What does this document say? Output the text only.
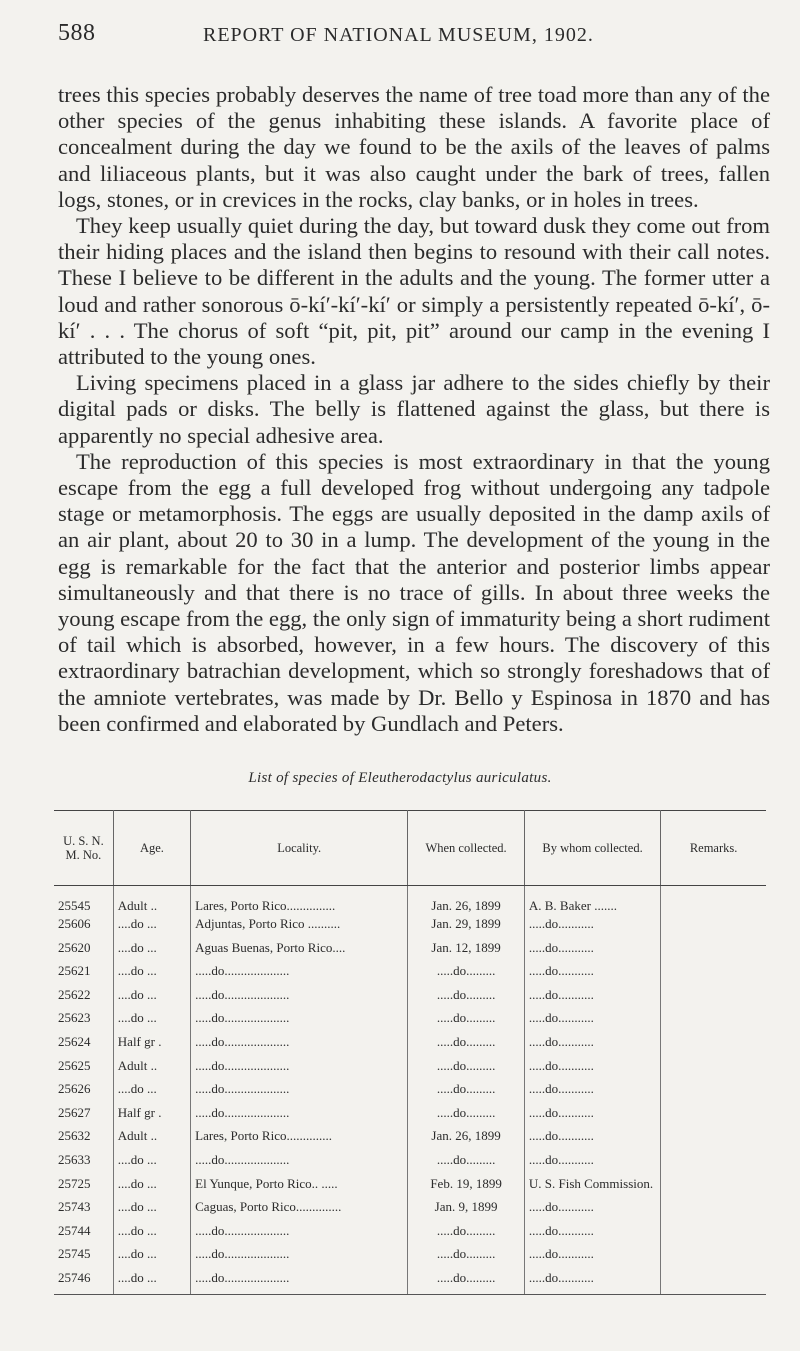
588	REPORT OF NATIONAL MUSEUM, 1902.

trees this species probably deserves the name of tree toad more than any of the other species of the genus inhabiting these islands. A favorite place of concealment during the day we found to be the axils of the leaves of palms and liliaceous plants, but it was also caught under the bark of trees, fallen logs, stones, or in crevices in the rocks, clay banks, or in holes in trees.

They keep usually quiet during the day, but toward dusk they come out from their hiding places and the island then begins to resound with their call notes. These I believe to be different in the adults and the young. The former utter a loud and rather sonorous ō-kí′-kí′-kí′ or simply a persistently repeated ō-kí′, ō-kí′ . . . The chorus of soft “pit, pit, pit” around our camp in the evening I attributed to the young ones.

Living specimens placed in a glass jar adhere to the sides chiefly by their digital pads or disks. The belly is flattened against the glass, but there is apparently no special adhesive area.

The reproduction of this species is most extraordinary in that the young escape from the egg a full developed frog without undergoing any tadpole stage or metamorphosis. The eggs are usually deposited in the damp axils of an air plant, about 20 to 30 in a lump. The development of the young in the egg is remarkable for the fact that the anterior and posterior limbs appear simultaneously and that there is no trace of gills. In about three weeks the young escape from the egg, the only sign of immaturity being a short rudiment of tail which is absorbed, however, in a few hours. The discovery of this extraordinary batrachian development, which so strongly foreshadows that of the amniote vertebrates, was made by Dr. Bello y Espinosa in 1870 and has been confirmed and elaborated by Gundlach and Peters.

List of species of Eleutherodactylus auriculatus.
U. S. N. M. No.	Age.	Locality.	When collected.	By whom collected.	Remarks.
25545	Adult ..	Lares, Porto Rico...............	Jan. 26, 1899	A. B. Baker .......	
25606	....do ...	Adjuntas, Porto Rico ..........	Jan. 29, 1899	.....do...........	
25620	....do ...	Aguas Buenas, Porto Rico....	Jan. 12, 1899	.....do...........	
25621	....do ...	.....do....................	.....do.........	.....do...........	
25622	....do ...	.....do....................	.....do.........	.....do...........	
25623	....do ...	.....do....................	.....do.........	.....do...........	
25624	Half gr .	.....do....................	.....do.........	.....do...........	
25625	Adult ..	.....do....................	.....do.........	.....do...........	
25626	....do ...	.....do....................	.....do.........	.....do...........	
25627	Half gr .	.....do....................	.....do.........	.....do...........	
25632	Adult ..	Lares, Porto Rico..............	Jan. 26, 1899	.....do...........	
25633	....do ...	.....do....................	.....do.........	.....do...........	
25725	....do ...	El Yunque, Porto Rico.. .....	Feb. 19, 1899	U. S. Fish Commission.	
25743	....do ...	Caguas, Porto Rico..............	Jan. 9, 1899	.....do...........	
25744	....do ...	.....do....................	.....do.........	.....do...........	
25745	....do ...	.....do....................	.....do.........	.....do...........	
25746	....do ...	.....do....................	.....do.........	.....do...........	
